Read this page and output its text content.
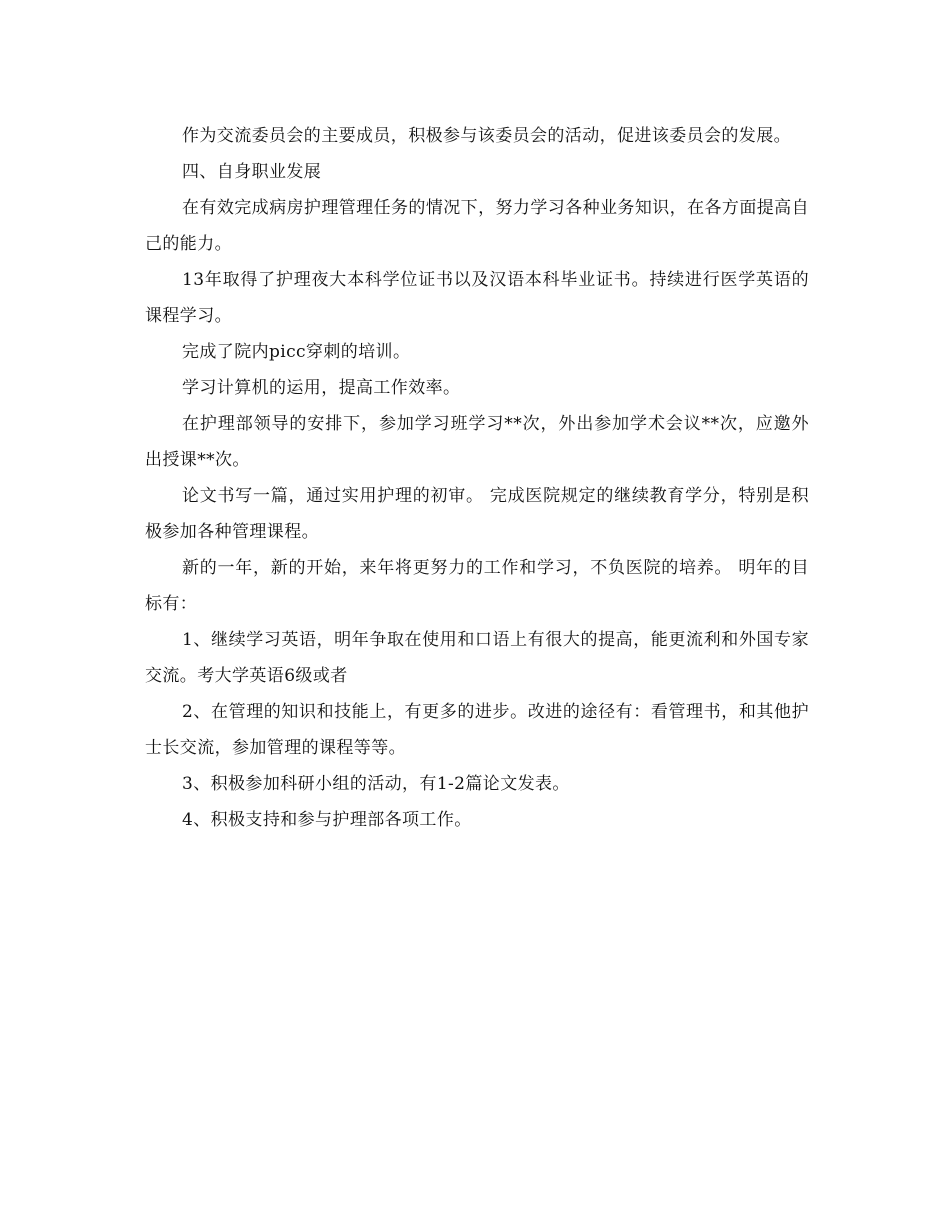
作为交流委员会的主要成员，积极参与该委员会的活动，促进该委员会的发展。

四、自身职业发展

在有效完成病房护理管理任务的情况下，努力学习各种业务知识，在各方面提高自己的能力。

13年取得了护理夜大本科学位证书以及汉语本科毕业证书。持续进行医学英语的课程学习。

完成了院内picc穿刺的培训。

学习计算机的运用，提高工作效率。

在护理部领导的安排下，参加学习班学习**次，外出参加学术会议**次，应邀外出授课**次。

论文书写一篇，通过实用护理的初审。 完成医院规定的继续教育学分，特别是积极参加各种管理课程。

新的一年，新的开始，来年将更努力的工作和学习，不负医院的培养。 明年的目标有：

1、继续学习英语，明年争取在使用和口语上有很大的提高，能更流利和外国专家交流。考大学英语6级或者

2、在管理的知识和技能上，有更多的进步。改进的途径有：看管理书，和其他护士长交流，参加管理的课程等等。

3、积极参加科研小组的活动，有1-2篇论文发表。

4、积极支持和参与护理部各项工作。
